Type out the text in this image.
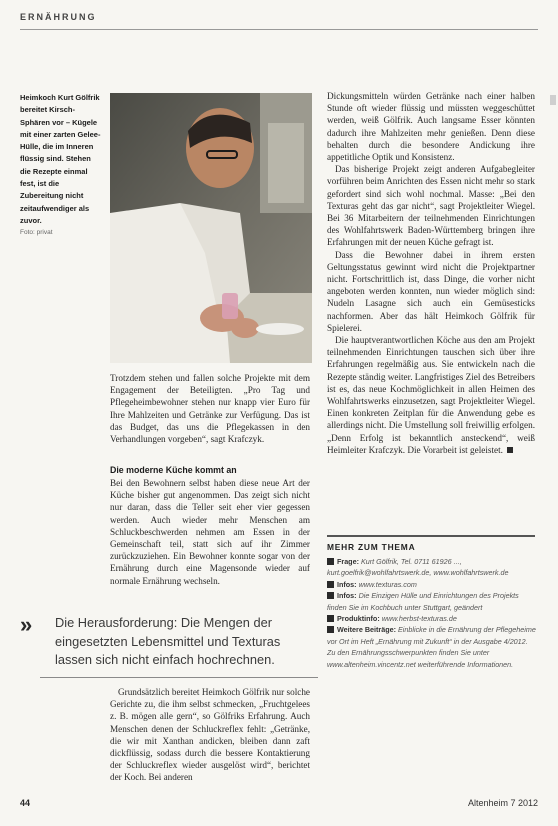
ERNÄHRUNG
Heimkoch Kurt Gölfrik bereitet Kirsch-Sphären vor – Kügele mit einer zarten Gelee-Hülle, die im Inneren flüssig sind. Stehen die Rezepte einmal fest, ist die Zubereitung nicht zeitaufwendiger als zuvor.
Foto: privat

Trotzdem stehen und fallen solche Projekte mit dem Engagement der Beteiligten. „Pro Tag und Pflegeheimbewohner stehen nur knapp vier Euro für Ihre Mahlzeiten und Getränke zur Verfügung. Das ist das Budget, das uns die Pflegekassen in den Verhandlungen vorgeben“, sagt Krafczyk.

Die moderne Küche kommt an

Bei den Bewohnern selbst haben diese neue Art der Küche bisher gut angenommen. Das zeigt sich nicht nur daran, dass die Teller seit eher vier gegessen werden. Auch wieder mehr Menschen am Schluckbeschwerden nehmen am Essen in der Gemeinschaft teil, statt sich auf ihr Zimmer zurückzuziehen. Ein Bewohner konnte sogar von der Ernährung durch eine Magensonde wieder auf normale Ernährung wechseln.

» Die Herausforderung: Die Mengen der eingesetzten Lebensmittel und Texturas lassen sich nicht einfach hochrechnen.

Grundsätzlich bereitet Heimkoch Gölfrik nur solche Gerichte zu, die ihm selbst schmecken, „Fruchtgelees z. B. mögen alle gern“, so Gölfriks Erfahrung. Auch Menschen denen der Schluckreflex fehlt: „Getränke, die wir mit Xanthan andicken, bleiben dann zaft dickflüssig, sodass durch die bessere Kontaktierung der Schluckreflex wieder ausgelöst wird“, berichtet der Koch. Bei anderen

Dickungsmitteln würden Getränke nach einer halben Stunde oft wieder flüssig und müssten weggeschüttet werden, weiß Gölfrik. Auch langsame Esser könnten dadurch ihre Mahlzeiten mehr genießen. Denn diese behalten durch die besondere Andickung ihre appetitliche Optik und Konsistenz.

Das bisherige Projekt zeigt anderen Aufgabegleiter vorführen beim Anrichten des Essen nicht mehr so stark gefordert sind sich wohl nochmal. Masse: „Bei den Texturas geht das gar nicht“, sagt Projektleiter Wiegel. Bei 36 Mitarbeitern der teilnehmenden Einrichtungen des Wohlfahrtswerk Baden-Württemberg bringen ihre Erfahrungen mit der neuen Küche gefragt ist.

Dass die Bewohner dabei in ihrem ersten Geltungsstatus gewinnt wird nicht die Projektpartner nicht. Fortschrittlich ist, dass Dinge, die vorher nicht angeboten werden konnten, nun wieder möglich sind: Nudeln Lasagne sich auch ein Gemüsesticks nachformen. Aber das hält Heimkoch Gölfrik für Spielerei.

Die hauptverantwortlichen Köche aus den am Projekt teilnehmenden Einrichtungen tauschen sich über ihre Erfahrungen regelmäßig aus. Sie entwickeln nach die Rezepte ständig weiter. Langfristiges Ziel des Betreibers ist es, das neue Kochmöglichkeit in allen Heimen des Wohlfahrtswerks einzusetzen, sagt Projektleiter Wiegel. Einen konkreten Zeitplan für die Anwendung gebe es allerdings nicht. Die Umstellung soll freiwillig erfolgen. „Denn Erfolg ist bekanntlich ansteckend“, weiß Heimleiter Krafczyk. Die Vorarbeit ist geleistet.

MEHR ZUM THEMA
Frage: Kurt Gölfrik, Tel. 0711 61926 ..., kurt.goelfrik@wohlfahrtswerk.de, www.wohlfahrtswerk.de
Infos: www.texturas.com
Infos: Die Einzigen Hülle und Einrichtungen des Projekts finden Sie im Kochbuch unter Stuttgart, geändert
Produktinfo: www.herbst-texturas.de
Weitere Beiträge: Einblicke in die Ernährung der Pflegeheime vor Ort im Heft „Ernährung mit Zukunft“ in der Ausgabe 4/2012. Zu den Ernährungsschwerpunkten finden Sie unter www.altenheim.vincentz.net weiterführende Informationen.
44	Altenheim 7 2012
